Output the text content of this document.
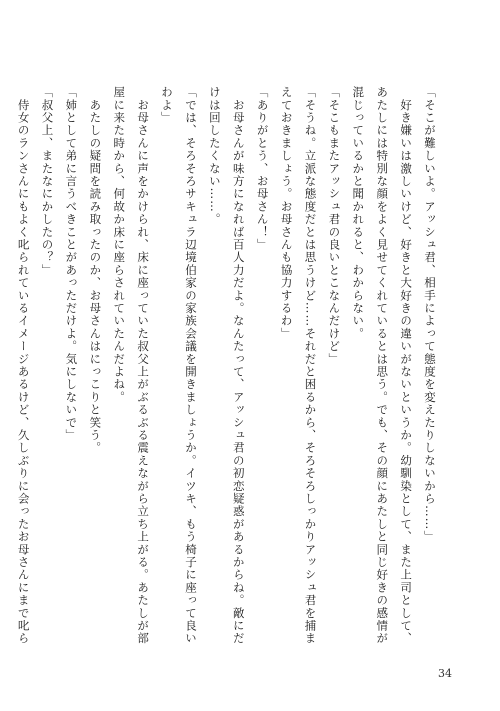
「そこが難しいよ。アッシュ君、相手によって態度を変えたりしないから……」
　好き嫌いは激しいけど、好きと大好きの違いがないというか。幼馴染として、また上司として、
あたしには特別な顔をよく見せてくれているとは思う。でも、その顔にあたしと同じ好きの感情が
混じっているかと聞かれると、わからない。
「そこもまたアッシュ君の良いとこなんだけど」
「そうね。立派な態度だとは思うけど……それだと困るから、そろそろしっかりアッシュ君を捕ま
えておきましょう。お母さんも協力するわ」
「ありがとう、お母さん！」
　お母さんが味方になれば百人力だよ。なんたって、アッシュ君の初恋疑惑があるからね。敵にだ
けは回したくない……。
「では、そろそろサキュラ辺境伯家の家族会議を開きましょうか。イツキ、もう椅子に座って良い
わよ」
　お母さんに声をかけられ、床に座っていた叔父上がぶるぶる震えながら立ち上がる。あたしが部
屋に来た時から、何故か床に座らされていたんだよね。
　あたしの疑問を読み取ったのか、お母さんはにっこりと笑う。
「姉として弟に言うべきことがあっただけよ。気にしないで」
「叔父上、またなにかしたの？」
　侍女のランさんにもよく叱られているイメージあるけど、久しぶりに会ったお母さんにまで叱ら
34
